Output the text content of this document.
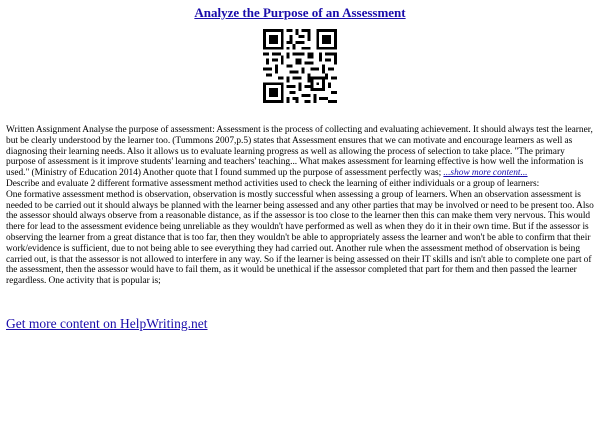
Analyze the Purpose of an Assessment

Written Assignment Analyse the purpose of assessment: Assessment is the process of collecting and evaluating achievement. It should always test the learner, but be clearly understood by the learner too. (Tummons 2007,p.5) states that Assessment ensures that we can motivate and encourage learners as well as diagnosing their learning needs. Also it allows us to evaluate learning progress as well as allowing the process of selection to take place. "The primary purpose of assessment is it improve students' learning and teachers' teaching... What makes assessment for learning effective is how well the information is used." (Ministry of Education 2014) Another quote that I found summed up the purpose of assessment perfectly was; ...show more content...

Describe and evaluate 2 different formative assessment method activities used to check the learning of either individuals or a group of learners:

One formative assessment method is observation, observation is mostly successful when assessing a group of learners. When an observation assessment is needed to be carried out it should always be planned with the learner being assessed and any other parties that may be involved or need to be present too. Also the assessor should always observe from a reasonable distance, as if the assessor is too close to the learner then this can make them very nervous. This would there for lead to the assessment evidence being unreliable as they wouldn't have performed as well as when they do it in their own time. But if the assessor is observing the learner from a great distance that is too far, then they wouldn't be able to appropriately assess the learner and won't be able to confirm that their work/evidence is sufficient, due to not being able to see everything they had carried out. Another rule when the assessment method of observation is being carried out, is that the assessor is not allowed to interfere in any way. So if the learner is being assessed on their IT skills and isn't able to complete one part of the assessment, then the assessor would have to fail them, as it would be unethical if the assessor completed that part for them and then passed the learner regardless. One activity that is popular is;

Get more content on HelpWriting.net
